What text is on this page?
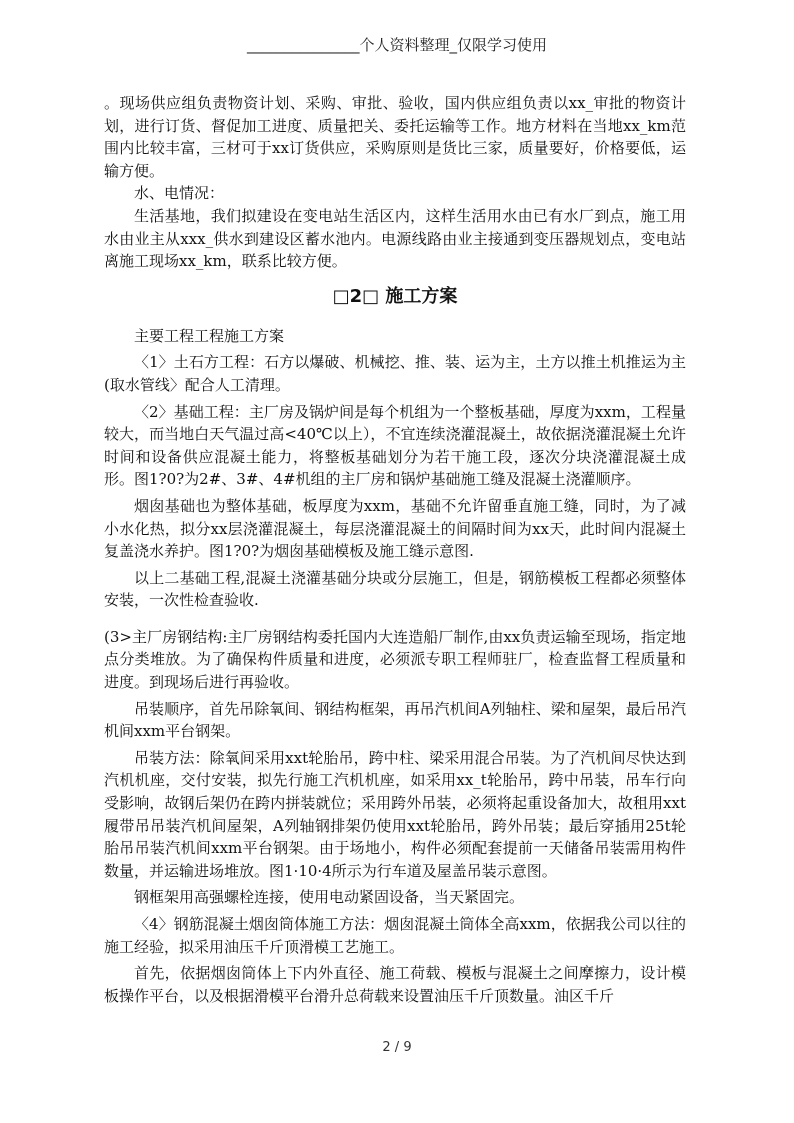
_______________个人资料整理_仅限学习使用

。现场供应组负责物资计划、采购、审批、验收，国内供应组负责以xx_审批的物资计划，进行订货、督促加工进度、质量把关、委托运输等工作。地方材料在当地xx_km范围内比较丰富，三材可于xx订货供应，采购原则是货比三家，质量要好，价格要低，运输方便。

水、电情况：

生活基地，我们拟建设在变电站生活区内，这样生活用水由已有水厂到点，施工用水由业主从xxx_供水到建设区蓄水池内。电源线路由业主接通到变压器规划点，变电站离施工现场xx_km，联系比较方便。

□2□ 施工方案

主要工程工程施工方案

〈1〉土石方工程：石方以爆破、机械挖、推、装、运为主，土方以推土机推运为主(取水管线〉配合人工清理。

〈2〉基础工程：主厂房及锅炉间是每个机组为一个整板基础，厚度为xxm，工程量较大，而当地白天气温过高<40℃以上），不宜连续浇灌混凝土，故依据浇灌混凝土允许时间和设备供应混凝土能力，将整板基础划分为若干施工段，逐次分块浇灌混凝土成形。图1?0?为2#、3#、4#机组的主厂房和锅炉基础施工缝及混凝土浇灌顺序。

烟囱基础也为整体基础，板厚度为xxm，基础不允许留垂直施工缝，同时，为了减小水化热，拟分xx层浇灌混凝土，每层浇灌混凝土的间隔时间为xx天，此时间内混凝土复盖浇水养护。图1?0?为烟囱基础模板及施工缝示意图.

以上二基础工程,混凝土浇灌基础分块或分层施工，但是，钢筋模板工程都必须整体安装，一次性检查验收.

(3>主厂房钢结构:主厂房钢结构委托国内大连造船厂制作,由xx负责运输至现场，指定地点分类堆放。为了确保构件质量和进度，必须派专职工程师驻厂，检查监督工程质量和进度。到现场后进行再验收。

吊装顺序，首先吊除氧间、钢结构框架，再吊汽机间A列轴柱、梁和屋架，最后吊汽机间xxm平台钢架。

吊装方法：除氧间采用xxt轮胎吊，跨中柱、梁采用混合吊装。为了汽机间尽快达到汽机机座，交付安装，拟先行施工汽机机座，如采用xx_t轮胎吊，跨中吊装，吊车行向受影响，故钢后架仍在跨内拼装就位；采用跨外吊装，必须将起重设备加大，故租用xxt履带吊吊装汽机间屋架，A列轴钢排架仍使用xxt轮胎吊，跨外吊装；最后穿插用25t轮胎吊吊装汽机间xxm平台钢架。由于场地小，构件必须配套提前一天储备吊装需用构件数量，并运输进场堆放。图1·10·4所示为行车道及屋盖吊装示意图。

钢框架用高强螺栓连接，使用电动紧固设备，当天紧固完。

〈4〉钢筋混凝土烟囱筒体施工方法：烟囱混凝土筒体全高xxm，依据我公司以往的施工经验，拟采用油压千斤顶滑模工艺施工。

首先，依据烟囱筒体上下内外直径、施工荷载、模板与混凝土之间摩擦力，设计模板操作平台，以及根据滑模平台滑升总荷载来设置油压千斤顶数量。油区千斤

2 / 9
